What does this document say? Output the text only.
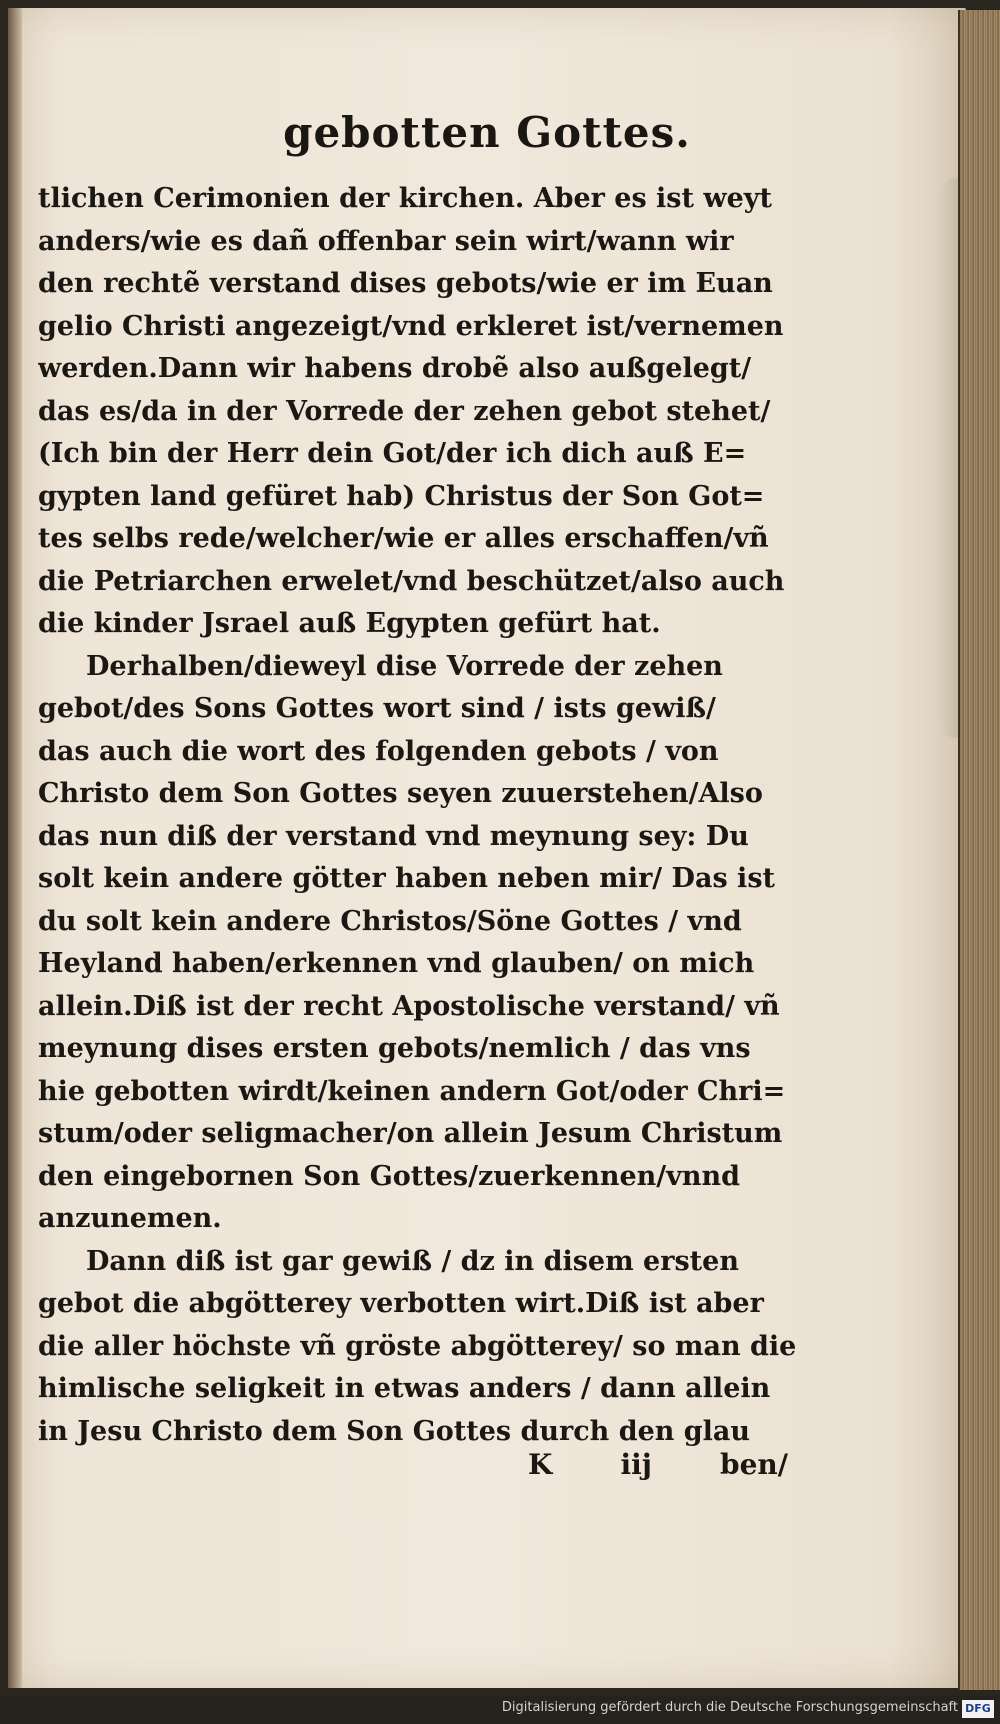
gebotten Gottes.
tlichen Cerimonien der kirchen. Aber es ist weyt
anders/wie es dañ offenbar sein wirt/wann wir
den rechtẽ verstand dises gebots/wie er im Euan
gelio Christi angezeigt/vnd erkleret ist/vernemen
werden.Dann wir habens drobẽ also außgelegt/
das es/da in der Vorrede der zehen gebot stehet/
(Ich bin der Herr dein Got/der ich dich auß E=
gypten land gefüret hab) Christus der Son Got=
tes selbs rede/welcher/wie er alles erschaffen/vñ
die Petriarchen erwelet/vnd beschützet/also auch
die kinder Jsrael auß Egypten gefürt hat.
Derhalben/dieweyl dise Vorrede der zehen
gebot/des Sons Gottes wort sind / ists gewiß/
das auch die wort des folgenden gebots / von
Christo dem Son Gottes seyen zuuerstehen/Also
das nun diß der verstand vnd meynung sey: Du
solt kein andere götter haben neben mir/ Das ist
du solt kein andere Christos/Söne Gottes / vnd
Heyland haben/erkennen vnd glauben/ on mich
allein.Diß ist der recht Apostolische verstand/ vñ
meynung dises ersten gebots/nemlich / das vns
hie gebotten wirdt/keinen andern Got/oder Chri=
stum/oder seligmacher/on allein Jesum Christum
den eingebornen Son Gottes/zuerkennen/vnnd
anzunemen.
Dann diß ist gar gewiß / dz in disem ersten
gebot die abgötterey verbotten wirt.Diß ist aber
die aller höchste vñ gröste abgötterey/ so man die
himlische seligkeit in etwas anders / dann allein
in Jesu Christo dem Son Gottes durch den glau
K iij ben/
Digitalisierung gefördert durch die Deutsche Forschungsgemeinschaft DFG
